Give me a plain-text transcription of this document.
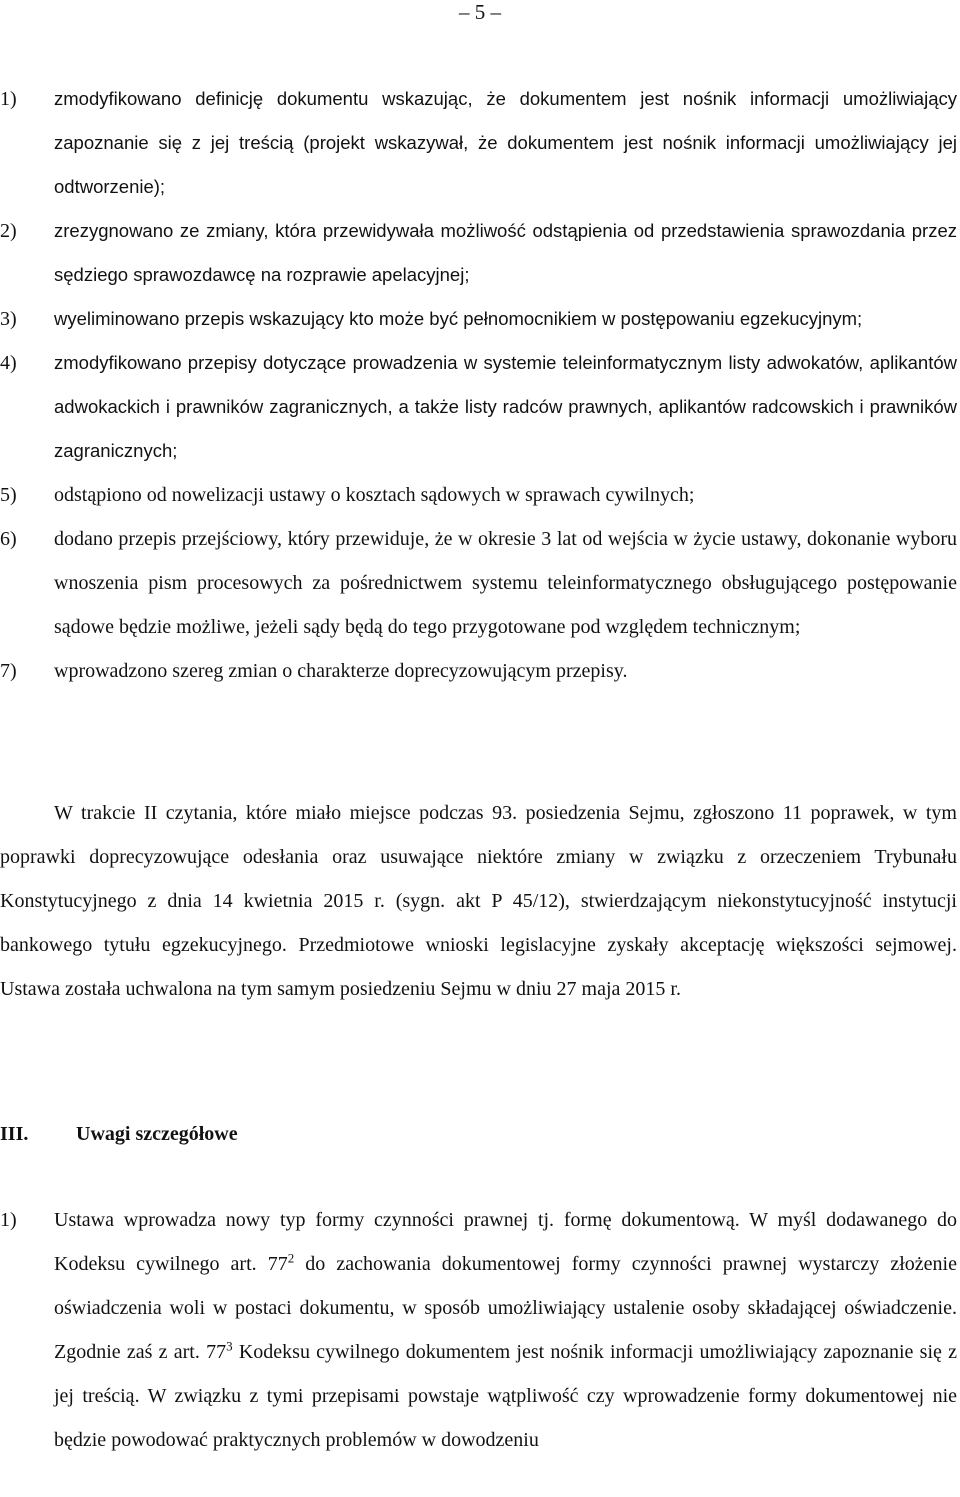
– 5 –
1) zmodyfikowano definicję dokumentu wskazując, że dokumentem jest nośnik informacji umożliwiający zapoznanie się z jej treścią (projekt wskazywał, że dokumentem jest nośnik informacji umożliwiający jej odtworzenie);
2) zrezygnowano ze zmiany, która przewidywała możliwość odstąpienia od przedstawienia sprawozdania przez sędziego sprawozdawcę na rozprawie apelacyjnej;
3) wyeliminowano przepis wskazujący kto może być pełnomocnikiem w postępowaniu egzekucyjnym;
4) zmodyfikowano przepisy dotyczące prowadzenia w systemie teleinformatycznym listy adwokatów, aplikantów adwokackich i prawników zagranicznych, a także listy radców prawnych, aplikantów radcowskich i prawników zagranicznych;
5) odstąpiono od nowelizacji ustawy o kosztach sądowych w sprawach cywilnych;
6) dodano przepis przejściowy, który przewiduje, że w okresie 3 lat od wejścia w życie ustawy, dokonanie wyboru wnoszenia pism procesowych za pośrednictwem systemu teleinformatycznego obsługującego postępowanie sądowe będzie możliwe, jeżeli sądy będą do tego przygotowane pod względem technicznym;
7) wprowadzono szereg zmian o charakterze doprecyzowującym przepisy.

W trakcie II czytania, które miało miejsce podczas 93. posiedzenia Sejmu, zgłoszono 11 poprawek, w tym poprawki doprecyzowujące odesłania oraz usuwające niektóre zmiany w związku z orzeczeniem Trybunału Konstytucyjnego z dnia 14 kwietnia 2015 r. (sygn. akt P 45/12), stwierdzającym niekonstytucyjność instytucji bankowego tytułu egzekucyjnego. Przedmiotowe wnioski legislacyjne zyskały akceptację większości sejmowej. Ustawa została uchwalona na tym samym posiedzeniu Sejmu w dniu 27 maja 2015 r.

III. Uwagi szczegółowe
1) Ustawa wprowadza nowy typ formy czynności prawnej tj. formę dokumentową. W myśl dodawanego do Kodeksu cywilnego art. $77^2$ do zachowania dokumentowej formy czynności prawnej wystarczy złożenie oświadczenia woli w postaci dokumentu, w sposób umożliwiający ustalenie osoby składającej oświadczenie. Zgodnie zaś z art. $77^3$ Kodeksu cywilnego dokumentem jest nośnik informacji umożliwiający zapoznanie się z jej treścią. W związku z tymi przepisami powstaje wątpliwość czy wprowadzenie formy dokumentowej nie będzie powodować praktycznych problemów w dowodzeniu
